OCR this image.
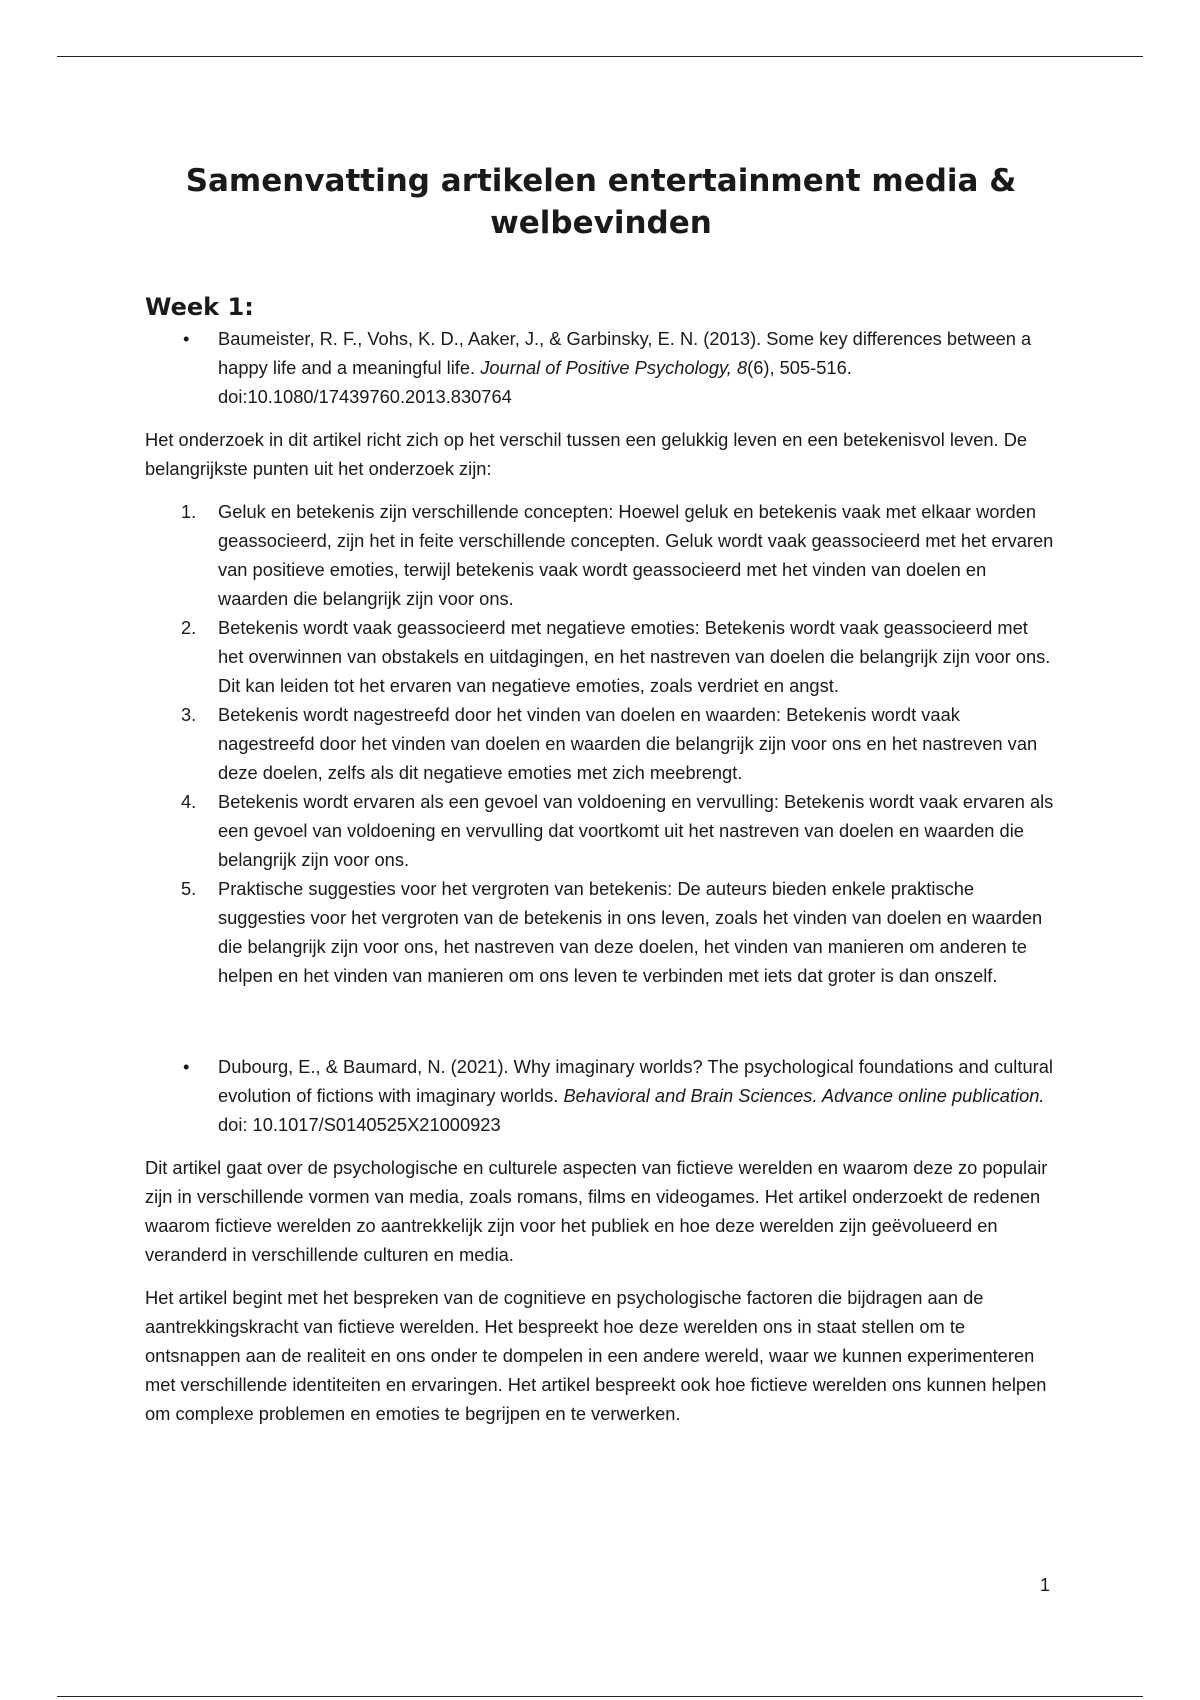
Samenvatting artikelen entertainment media & welbevinden
Week 1:
• Baumeister, R. F., Vohs, K. D., Aaker, J., & Garbinsky, E. N. (2013). Some key differences between a happy life and a meaningful life. Journal of Positive Psychology, 8(6), 505-516. doi:10.1080/17439760.2013.830764

Het onderzoek in dit artikel richt zich op het verschil tussen een gelukkig leven en een betekenisvol leven. De belangrijkste punten uit het onderzoek zijn:

1. Geluk en betekenis zijn verschillende concepten: Hoewel geluk en betekenis vaak met elkaar worden geassocieerd, zijn het in feite verschillende concepten. Geluk wordt vaak geassocieerd met het ervaren van positieve emoties, terwijl betekenis vaak wordt geassocieerd met het vinden van doelen en waarden die belangrijk zijn voor ons.
2. Betekenis wordt vaak geassocieerd met negatieve emoties: Betekenis wordt vaak geassocieerd met het overwinnen van obstakels en uitdagingen, en het nastreven van doelen die belangrijk zijn voor ons. Dit kan leiden tot het ervaren van negatieve emoties, zoals verdriet en angst.
3. Betekenis wordt nagestreefd door het vinden van doelen en waarden: Betekenis wordt vaak nagestreefd door het vinden van doelen en waarden die belangrijk zijn voor ons en het nastreven van deze doelen, zelfs als dit negatieve emoties met zich meebrengt.
4. Betekenis wordt ervaren als een gevoel van voldoening en vervulling: Betekenis wordt vaak ervaren als een gevoel van voldoening en vervulling dat voortkomt uit het nastreven van doelen en waarden die belangrijk zijn voor ons.
5. Praktische suggesties voor het vergroten van betekenis: De auteurs bieden enkele praktische suggesties voor het vergroten van de betekenis in ons leven, zoals het vinden van doelen en waarden die belangrijk zijn voor ons, het nastreven van deze doelen, het vinden van manieren om anderen te helpen en het vinden van manieren om ons leven te verbinden met iets dat groter is dan onszelf.
• Dubourg, E., & Baumard, N. (2021). Why imaginary worlds? The psychological foundations and cultural evolution of fictions with imaginary worlds. Behavioral and Brain Sciences. Advance online publication. doi: 10.1017/S0140525X21000923

Dit artikel gaat over de psychologische en culturele aspecten van fictieve werelden en waarom deze zo populair zijn in verschillende vormen van media, zoals romans, films en videogames. Het artikel onderzoekt de redenen waarom fictieve werelden zo aantrekkelijk zijn voor het publiek en hoe deze werelden zijn geëvolueerd en veranderd in verschillende culturen en media.

Het artikel begint met het bespreken van de cognitieve en psychologische factoren die bijdragen aan de aantrekkingskracht van fictieve werelden. Het bespreekt hoe deze werelden ons in staat stellen om te ontsnappen aan de realiteit en ons onder te dompelen in een andere wereld, waar we kunnen experimenteren met verschillende identiteiten en ervaringen. Het artikel bespreekt ook hoe fictieve werelden ons kunnen helpen om complexe problemen en emoties te begrijpen en te verwerken.

1
